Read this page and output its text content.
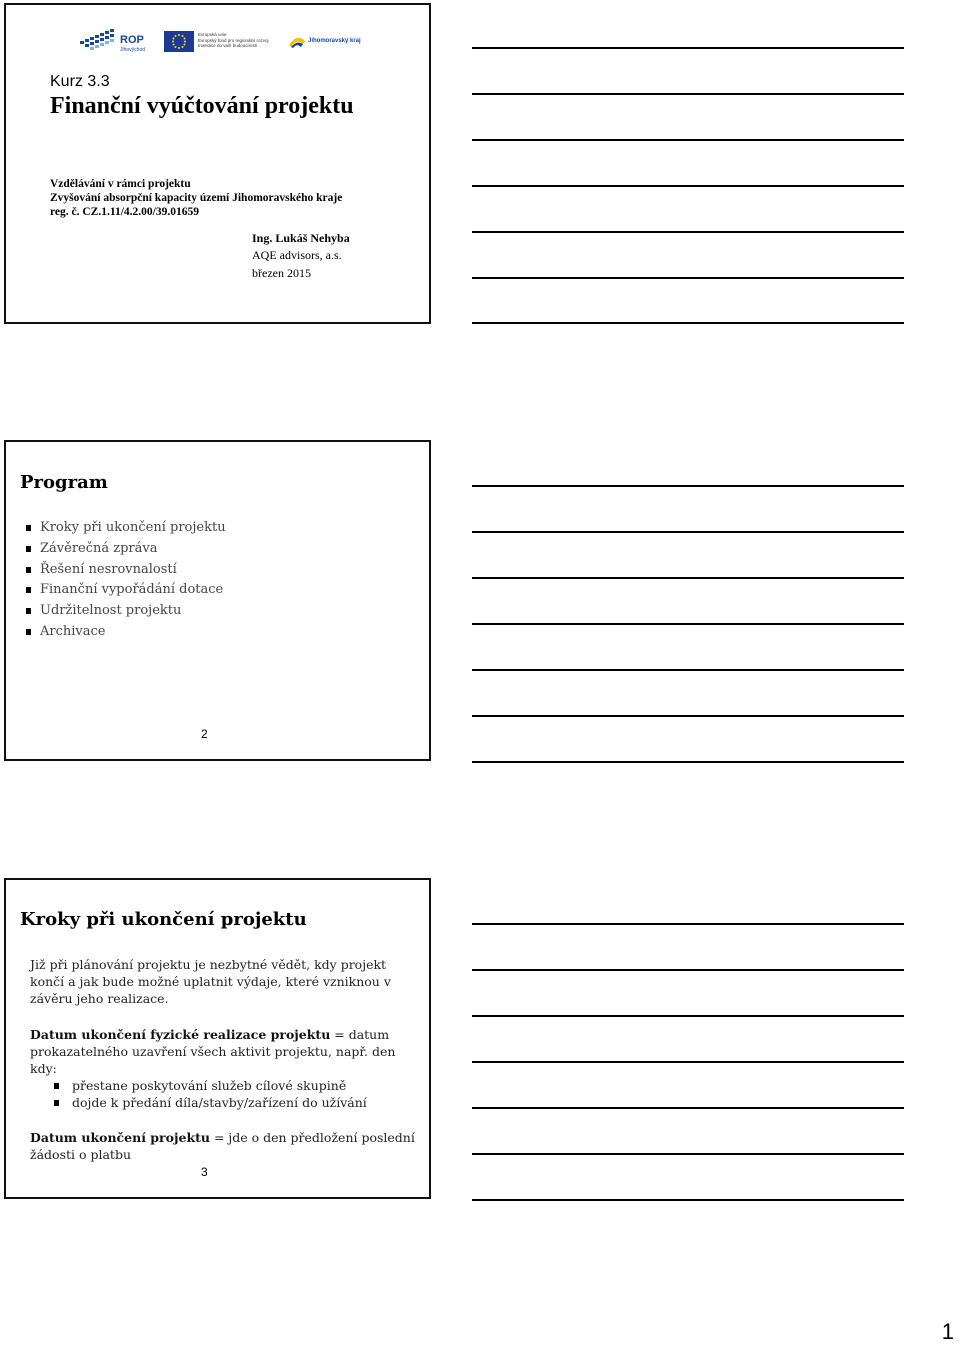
ROP
Jihovýchod
Evropská unie
Evropský fond pro regionální rozvoj
Investice do vaší budoucnosti
Jihomoravský kraj
Kurz 3.3
Finanční vyúčtování projektu
Vzdělávání v rámci projektu
Zvyšování absorpční kapacity území Jihomoravského kraje
reg. č. CZ.1.11/4.2.00/39.01659
Ing. Lukáš Nehyba
AQE advisors, a.s.
březen 2015
Program
Kroky při ukončení projektu
Závěrečná zpráva
Řešení nesrovnalostí
Finanční vypořádání dotace
Udržitelnost projektu
Archivace
2
Kroky při ukončení projektu
Již při plánování projektu je nezbytné vědět, kdy projekt končí a jak bude možné uplatnit výdaje, které vzniknou v závěru jeho realizace.
Datum ukončení fyzické realizace projektu = datum prokazatelného uzavření všech aktivit projektu, např. den kdy:
přestane poskytování služeb cílové skupině
dojde k předání díla/stavby/zařízení do užívání
Datum ukončení projektu = jde o den předložení poslední žádosti o platbu
3
1
